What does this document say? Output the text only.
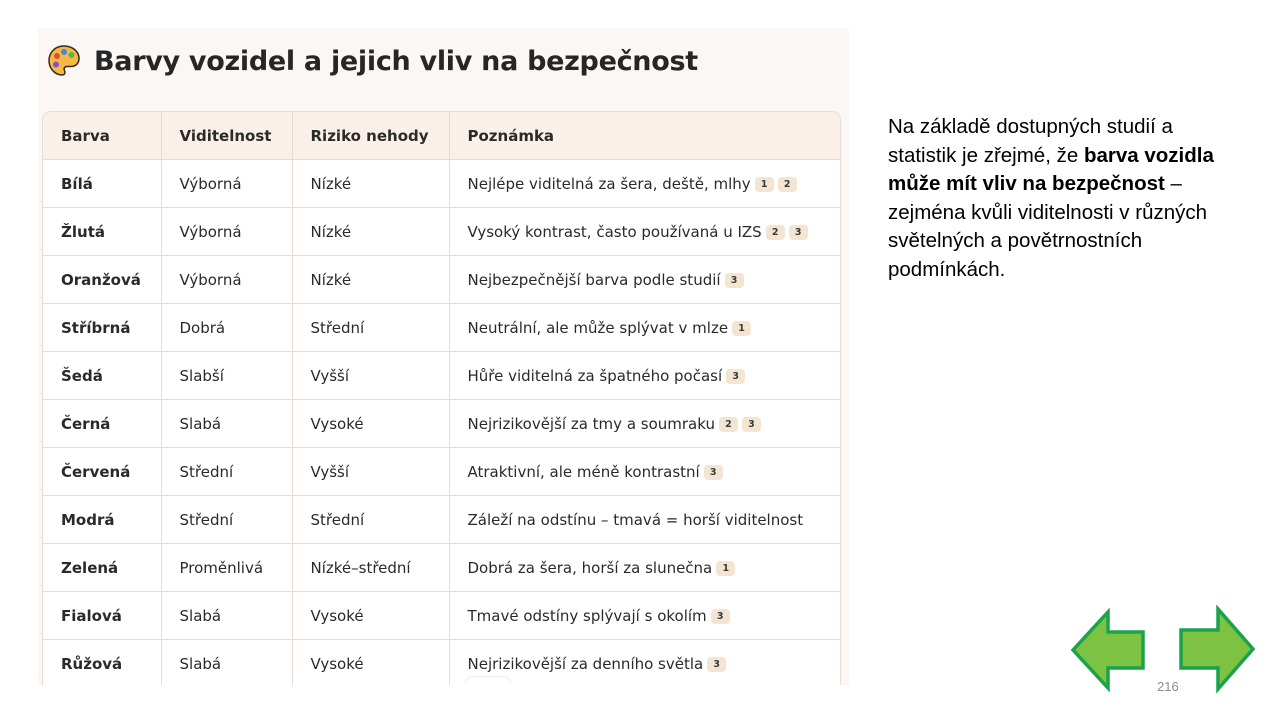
Barvy vozidel a jejich vliv na bezpečnost
Barva	Viditelnost	Riziko nehody	Poznámka
Bílá	Výborná	Nízké	Nejlépe viditelná za šera, deště, mlhy 1 2
Žlutá	Výborná	Nízké	Vysoký kontrast, často používaná u IZS 2 3
Oranžová	Výborná	Nízké	Nejbezpečnější barva podle studií 3
Stříbrná	Dobrá	Střední	Neutrální, ale může splývat v mlze 1
Šedá	Slabší	Vyšší	Hůře viditelná za špatného počasí 3
Černá	Slabá	Vysoké	Nejrizikovější za tmy a soumraku 2 3
Červená	Střední	Vyšší	Atraktivní, ale méně kontrastní 3
Modrá	Střední	Střední	Záleží na odstínu – tmavá = horší viditelnost
Zelená	Proměnlivá	Nízké–střední	Dobrá za šera, horší za slunečna 1
Fialová	Slabá	Vysoké	Tmavé odstíny splývají s okolím 3
Růžová	Slabá	Vysoké	Nejrizikovější za denního světla 3
Na základě dostupných studií a statistik je zřejmé, že barva vozidla může mít vliv na bezpečnost – zejména kvůli viditelnosti v různých světelných a povětrnostních podmínkách.
216
